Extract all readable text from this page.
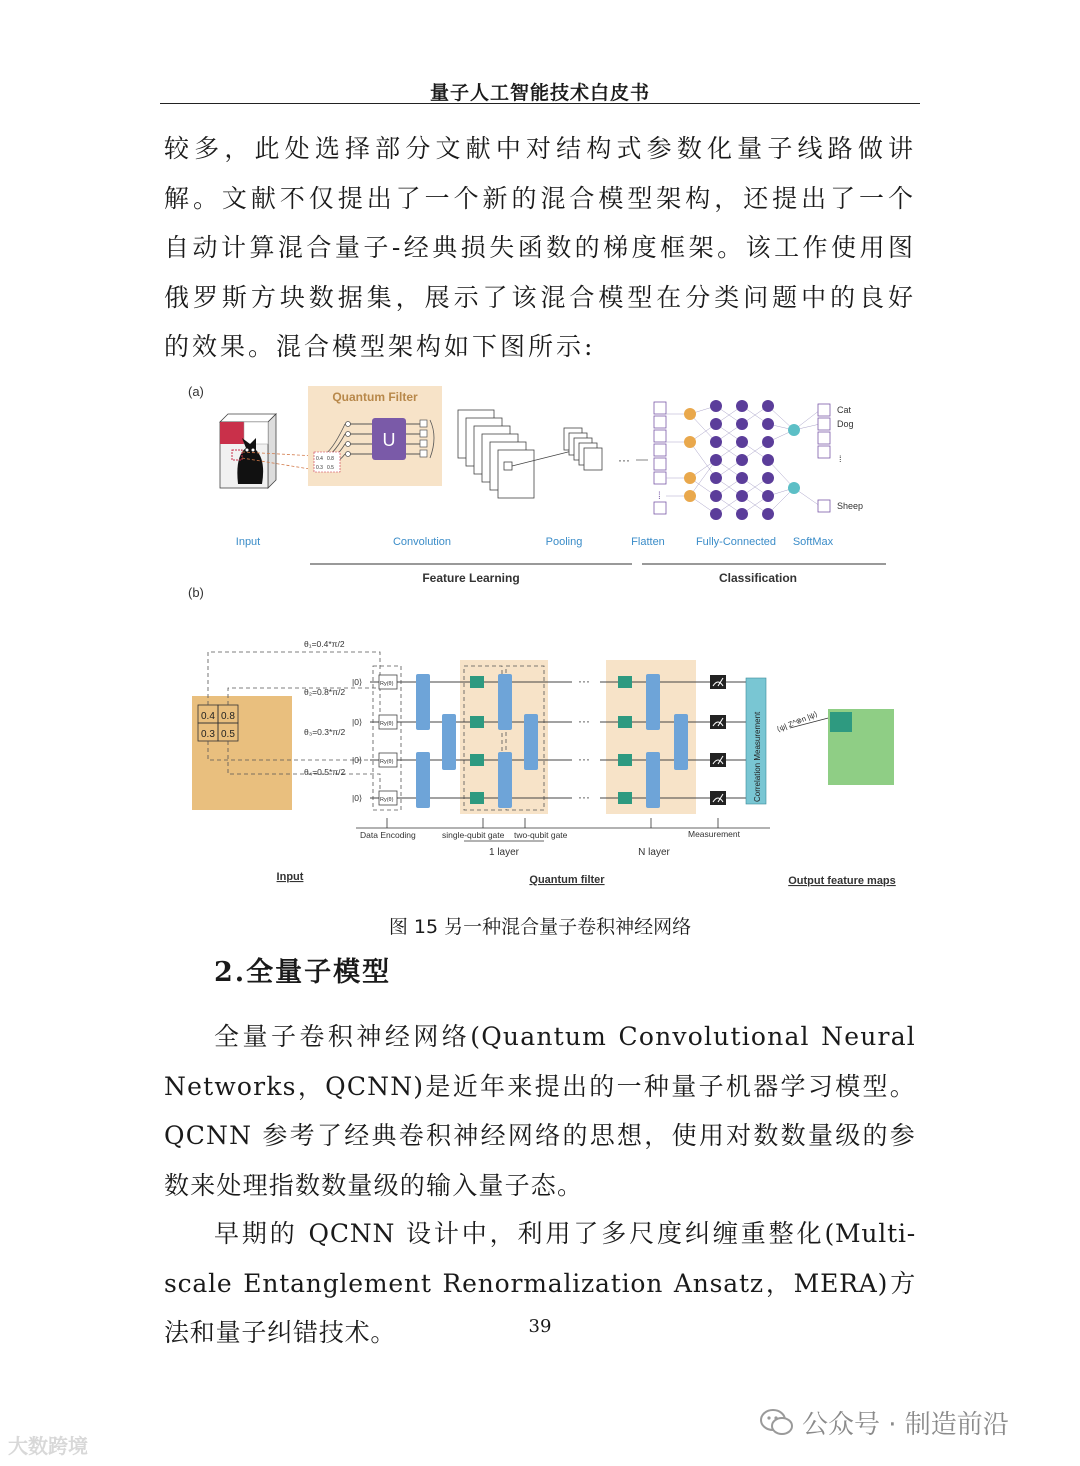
量子人工智能技术白皮书

较多，此处选择部分文献中对结构式参数化量子线路做讲解。文献不仅提出了一个新的混合模型架构，还提出了一个自动计算混合量子-经典损失函数的梯度框架。该工作使用图俄罗斯方块数据集，展示了该混合模型在分类问题中的良好的效果。混合模型架构如下图所示:

(a)	Quantum Filter
U
0.4 0.8
0.3 0.5
···
⁞
Cat
Dog
⁞
Sheep
Input	Convolution	Pooling	Flatten	Fully-Connected SoftMax
Feature Learning	Classification
(b)
0.4 0.8
0.3 0.5
θ₁=0.4*π/2
θ₂=0.8*π/2
θ₃=0.3*π/2
θ₄=0.5*π/2
|0⟩
|0⟩
|0⟩
|0⟩
Ry(θ)
Ry(θ)
Ry(θ)
Ry(θ)
···
···
···
···	Correlation Measurement ⟨ψ| Z^⊗n |ψ⟩
Data Encoding	single-qubit gate two-qubit gate	Measurement
1 layer	N layer
Input	Quantum filter	Output feature maps
图 15 另一种混合量子卷积神经网络
2.全量子模型

全量子卷积神经网络(Quantum Convolutional Neural Networks，QCNN)是近年来提出的一种量子机器学习模型。QCNN 参考了经典卷积神经网络的思想，使用对数数量级的参数来处理指数数量级的输入量子态。

早期的 QCNN 设计中，利用了多尺度纠缠重整化(Multi-scale Entanglement Renormalization Ansatz，MERA)方法和量子纠错技术。	39
公众号 · 制造前沿
大数跨境
